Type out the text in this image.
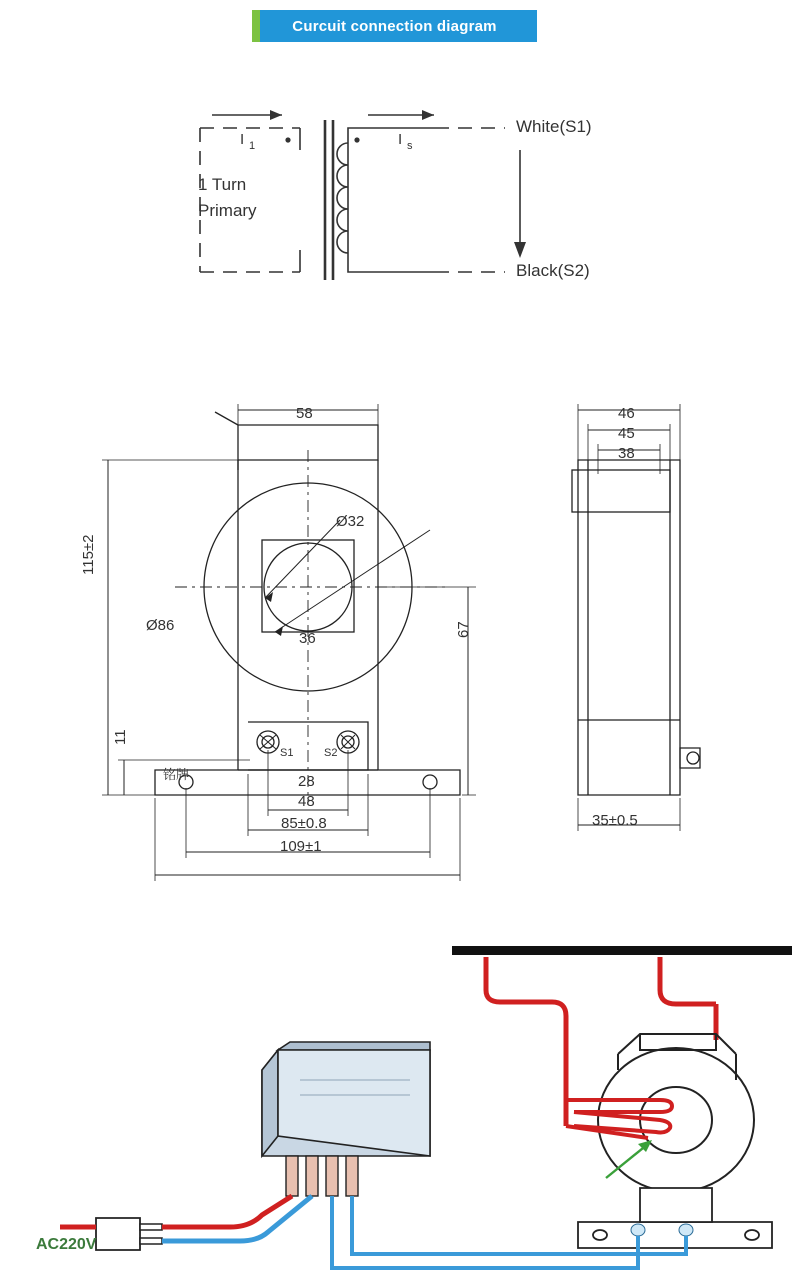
Curcuit connection diagram
1 Turn
Primary
I 1	I s
White(S1)
Black(S2)
铭牌
58
115±2
11
Ø32
Ø86
36
67
S1	S2
28
48
85±0.8
109±1
46
45
38
35±0.5
AC220V
